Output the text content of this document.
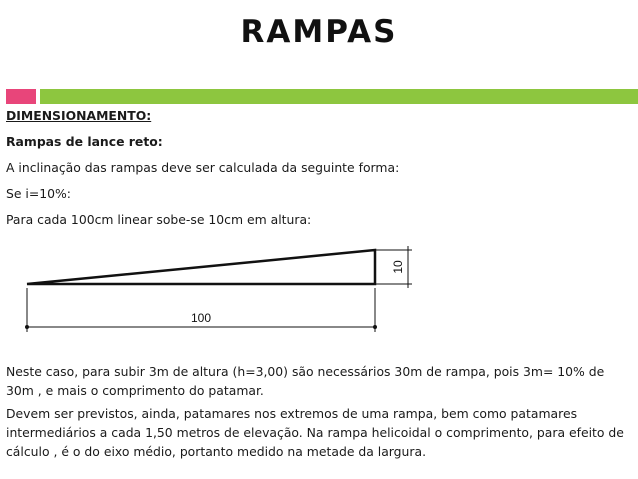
RAMPAS
DIMENSIONAMENTO:
Rampas de lance reto:
A inclinação das rampas deve ser calculada da seguinte forma:
Se i=10%:
Para cada 100cm linear sobe-se 10cm em altura:
100
10
Neste caso, para subir 3m de altura (h=3,00) são necessários 30m de rampa, pois 3m= 10% de 30m , e mais o comprimento do patamar.
Devem ser previstos, ainda, patamares nos extremos de uma rampa, bem como patamares intermediários a cada 1,50 metros de elevação. Na rampa helicoidal o comprimento, para efeito de cálculo , é o do eixo médio, portanto medido na metade da largura.
